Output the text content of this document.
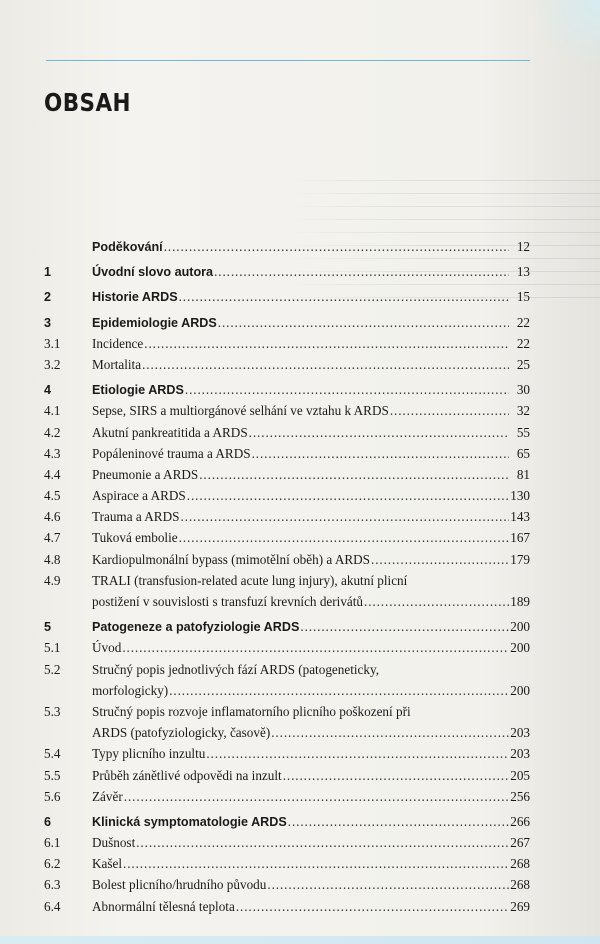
OBSAH
Poděkování . . .	12
1	Úvodní slovo autora . . .	13
2	Historie ARDS . . .	15
3	Epidemiologie ARDS . . .	22
3.1	Incidence . . .	22
3.2	Mortalita . . .	25
4	Etiologie ARDS . . .	30
4.1	Sepse, SIRS a multiorgánové selhání ve vztahu k ARDS . . .	32
4.2	Akutní pankreatitida a ARDS . . .	55
4.3	Popáleninové trauma a ARDS . . .	65
4.4	Pneumonie a ARDS . . .	81
4.5	Aspirace a ARDS . . .	130
4.6	Trauma a ARDS . . .	143
4.7	Tuková embolie . . .	167
4.8	Kardiopulmonální bypass (mimotělní oběh) a ARDS . . .	179
4.9	TRALI (transfusion-related acute lung injury), akutní plicní
postižení v souvislosti s transfuzí krevních derivátů . . .	189
5	Patogeneze a patofyziologie ARDS . . .	200
5.1	Úvod . . .	200
5.2	Stručný popis jednotlivých fází ARDS (patogeneticky,
morfologicky) . . .	200
5.3	Stručný popis rozvoje inflamatorního plicního poškození při
ARDS (patofyziologicky, časově) . . .	203
5.4	Typy plicního inzultu . . .	203
5.5	Průběh zánětlivé odpovědi na inzult . . .	205
5.6	Závěr . . .	256
6	Klinická symptomatologie ARDS . . .	266
6.1	Dušnost . . .	267
6.2	Kašel . . .	268
6.3	Bolest plicního/hrudního původu . . .	268
6.4	Abnormální tělesná teplota . . .	269
